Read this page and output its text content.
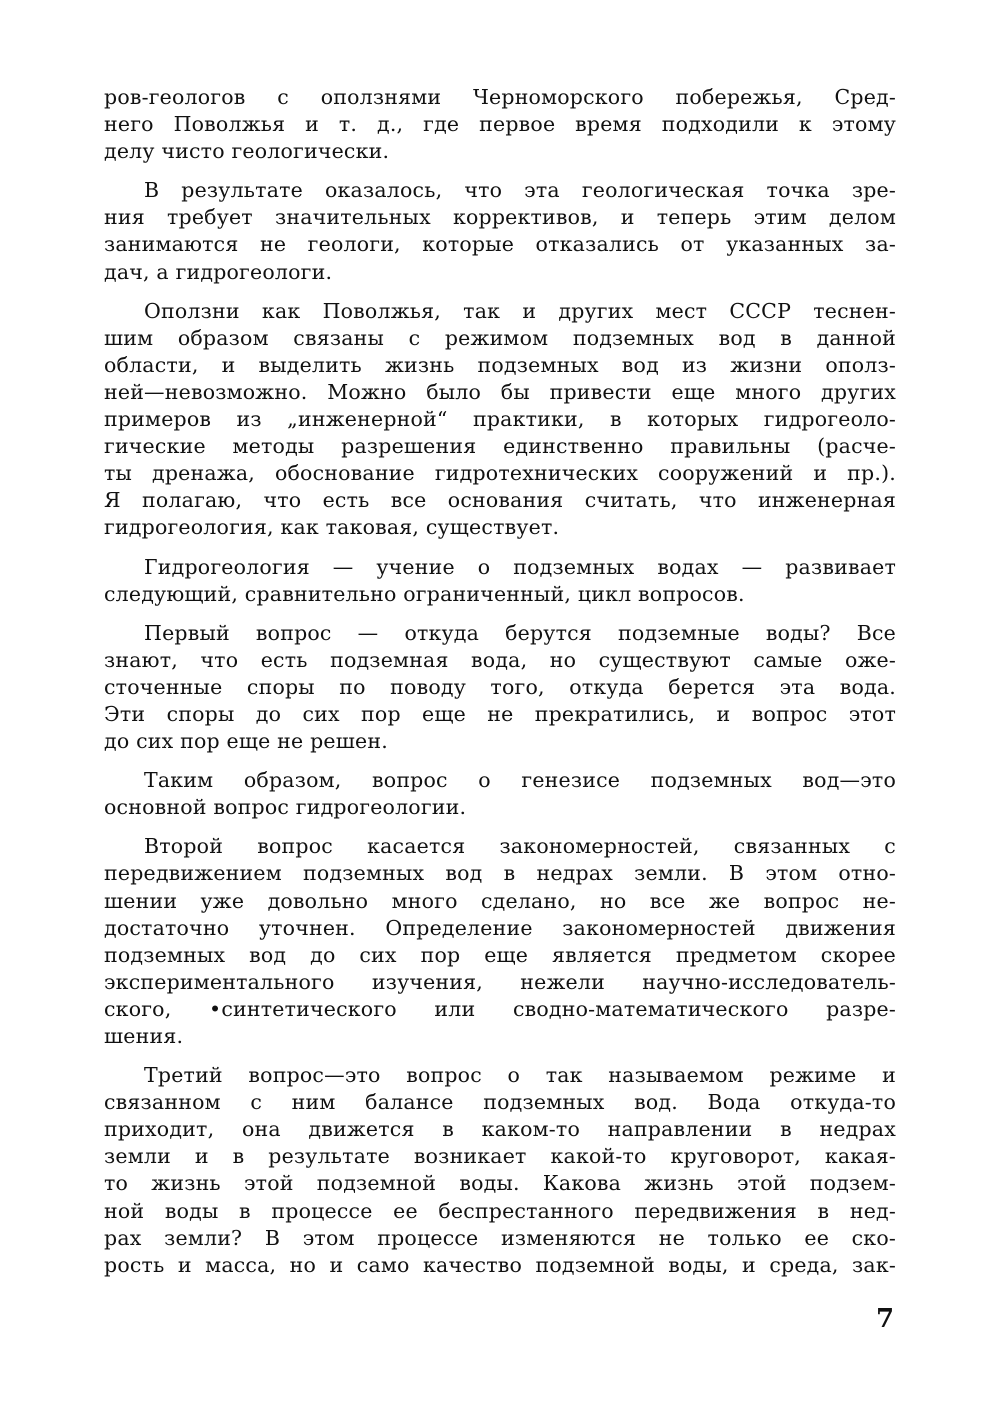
ров-геологов с оползнями Черноморского побережья, Сред-
него Поволжья и т. д., где первое время подходили к этому
делу чисто геологически.

В результате оказалось, что эта геологическая точка зре-
ния требует значительных коррективов, и теперь этим делом
занимаются не геологи, которые отказались от указанных за-
дач, а гидрогеологи.

Оползни как Поволжья, так и других мест СССР теснен-
шим образом связаны с режимом подземных вод в данной
области, и выделить жизнь подземных вод из жизни ополз-
ней—невозможно. Можно было бы привести еще много других
примеров из „инженерной“ практики, в которых гидрогеоло-
гические методы разрешения единственно правильны (расче-
ты дренажа, обоснование гидротехнических сооружений и пр.).
Я полагаю, что есть все основания считать, что инженерная
гидрогеология, как таковая, существует.

Гидрогеология — учение о подземных водах — развивает
следующий, сравнительно ограниченный, цикл вопросов.

Первый вопрос — откуда берутся подземные воды? Все
знают, что есть подземная вода, но существуют самые оже-
сточенные споры по поводу того, откуда берется эта вода.
Эти споры до сих пор еще не прекратились, и вопрос этот
до сих пор еще не решен.

Таким образом, вопрос о генезисе подземных вод—это
основной вопрос гидрогеологии.

Второй вопрос касается закономерностей, связанных с
передвижением подземных вод в недрах земли. В этом отно-
шении уже довольно много сделано, но все же вопрос не-
достаточно уточнен. Определение закономерностей движения
подземных вод до сих пор еще является предметом скорее
экспериментального изучения, нежели научно-исследователь-
ского, •синтетического или сводно-математического разре-
шения.

Третий вопрос—это вопрос о так называемом режиме и
связанном с ним балансе подземных вод. Вода откуда-то
приходит, она движется в каком-то направлении в недрах
земли и в результате возникает какой-то круговорот, какая-
то жизнь этой подземной воды. Какова жизнь этой подзем-
ной воды в процессе ее беспрестанного передвижения в нед-
рах земли? В этом процессе изменяются не только ее ско-
рость и масса, но и само качество подземной воды, и среда, зак-

7
